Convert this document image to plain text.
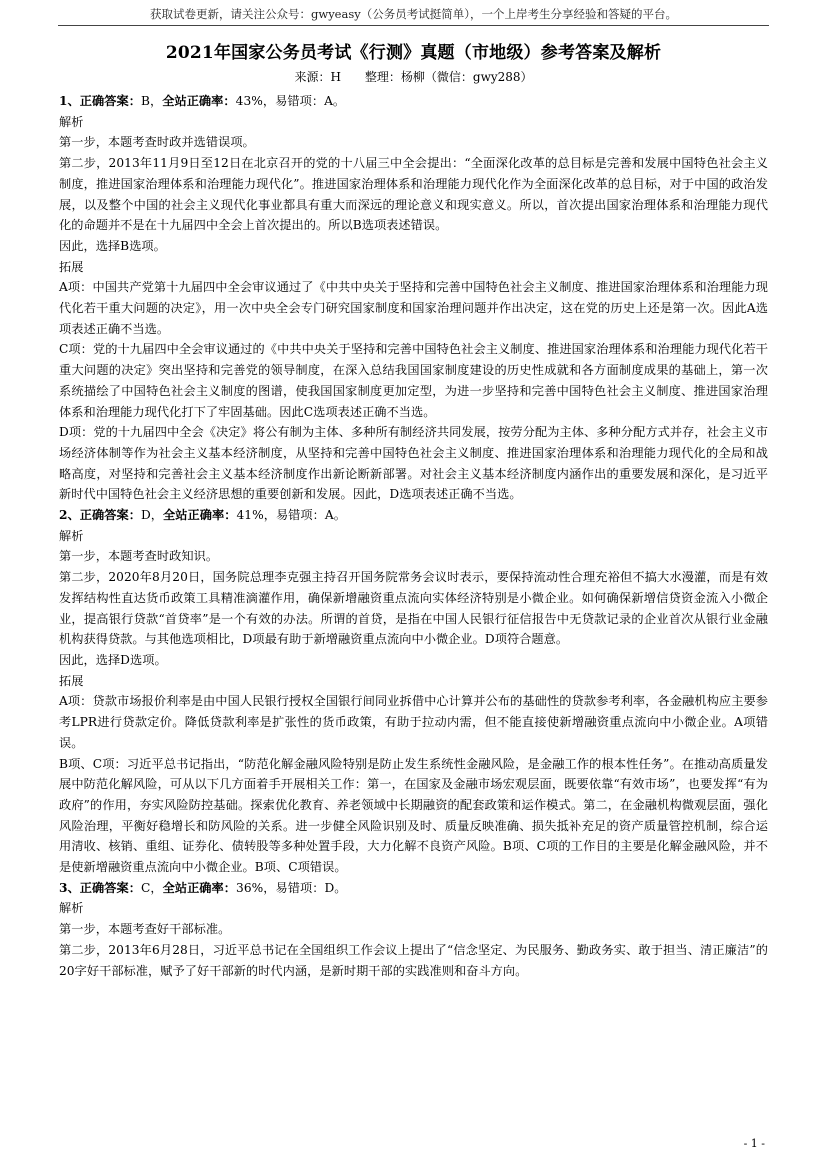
获取试卷更新，请关注公众号：gwyeasy（公务员考试挺简单），一个上岸考生分享经验和答疑的平台。
2021年国家公务员考试《行测》真题（市地级）参考答案及解析
来源：H　　整理：杨柳（微信：gwy288）

1、正确答案：B，全站正确率：43%，易错项：A。

解析

第一步，本题考查时政并选错误项。

第二步，2013年11月9日至12日在北京召开的党的十八届三中全会提出：“全面深化改革的总目标是完善和发展中国特色社会主义制度，推进国家治理体系和治理能力现代化”。推进国家治理体系和治理能力现代化作为全面深化改革的总目标，对于中国的政治发展，以及整个中国的社会主义现代化事业都具有重大而深远的理论意义和现实意义。所以，首次提出国家治理体系和治理能力现代化的命题并不是在十九届四中全会上首次提出的。所以B选项表述错误。

因此，选择B选项。

拓展

A项：中国共产党第十九届四中全会审议通过了《中共中央关于坚持和完善中国特色社会主义制度、推进国家治理体系和治理能力现代化若干重大问题的决定》，用一次中央全会专门研究国家制度和国家治理问题并作出决定，这在党的历史上还是第一次。因此A选项表述正确不当选。

C项：党的十九届四中全会审议通过的《中共中央关于坚持和完善中国特色社会主义制度、推进国家治理体系和治理能力现代化若干重大问题的决定》突出坚持和完善党的领导制度，在深入总结我国国家制度建设的历史性成就和各方面制度成果的基础上，第一次系统描绘了中国特色社会主义制度的图谱，使我国国家制度更加定型，为进一步坚持和完善中国特色社会主义制度、推进国家治理体系和治理能力现代化打下了牢固基础。因此C选项表述正确不当选。

D项：党的十九届四中全会《决定》将公有制为主体、多种所有制经济共同发展，按劳分配为主体、多种分配方式并存，社会主义市场经济体制等作为社会主义基本经济制度，从坚持和完善中国特色社会主义制度、推进国家治理体系和治理能力现代化的全局和战略高度，对坚持和完善社会主义基本经济制度作出新论断新部署。对社会主义基本经济制度内涵作出的重要发展和深化，是习近平新时代中国特色社会主义经济思想的重要创新和发展。因此，D选项表述正确不当选。

2、正确答案：D，全站正确率：41%，易错项：A。

解析

第一步，本题考查时政知识。

第二步，2020年8月20日，国务院总理李克强主持召开国务院常务会议时表示，要保持流动性合理充裕但不搞大水漫灌，而是有效发挥结构性直达货币政策工具精准滴灌作用，确保新增融资重点流向实体经济特别是小微企业。如何确保新增信贷资金流入小微企业，提高银行贷款“首贷率”是一个有效的办法。所谓的首贷，是指在中国人民银行征信报告中无贷款记录的企业首次从银行业金融机构获得贷款。与其他选项相比，D项最有助于新增融资重点流向中小微企业。D项符合题意。

因此，选择D选项。

拓展

A项：贷款市场报价利率是由中国人民银行授权全国银行间同业拆借中心计算并公布的基础性的贷款参考利率，各金融机构应主要参考LPR进行贷款定价。降低贷款利率是扩张性的货币政策，有助于拉动内需，但不能直接使新增融资重点流向中小微企业。A项错误。

B项、C项：习近平总书记指出，“防范化解金融风险特别是防止发生系统性金融风险，是金融工作的根本性任务”。在推动高质量发展中防范化解风险，可从以下几方面着手开展相关工作：第一，在国家及金融市场宏观层面，既要依靠“有效市场”，也要发挥“有为政府”的作用，夯实风险防控基础。探索优化教育、养老领域中长期融资的配套政策和运作模式。第二，在金融机构微观层面，强化风险治理，平衡好稳增长和防风险的关系。进一步健全风险识别及时、质量反映准确、损失抵补充足的资产质量管控机制，综合运用清收、核销、重组、证券化、债转股等多种处置手段，大力化解不良资产风险。B项、C项的工作目的主要是化解金融风险，并不是使新增融资重点流向中小微企业。B项、C项错误。

3、正确答案：C，全站正确率：36%，易错项：D。

解析

第一步，本题考查好干部标准。

第二步，2013年6月28日，习近平总书记在全国组织工作会议上提出了“信念坚定、为民服务、勤政务实、敢于担当、清正廉洁”的20字好干部标准，赋予了好干部新的时代内涵，是新时期干部的实践准则和奋斗方向。

- 1 -
